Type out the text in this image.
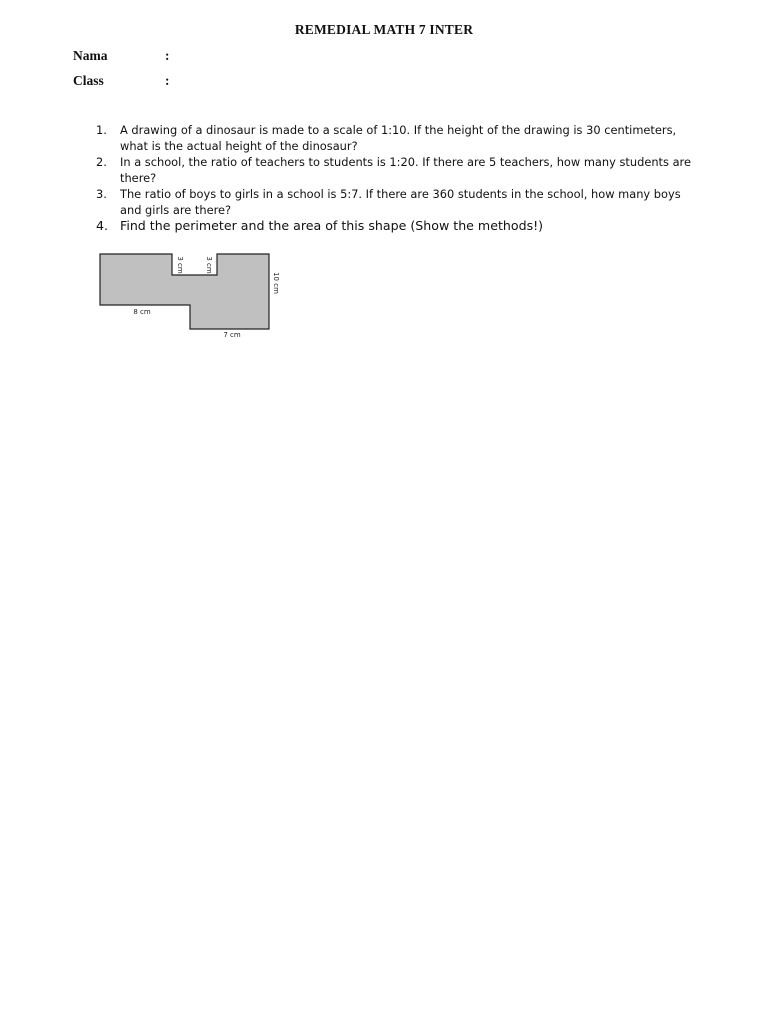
REMEDIAL MATH 7 INTER
Nama	:
Class	:
1. A drawing of a dinosaur is made to a scale of 1:10. If the height of the drawing is 30 centimeters,
what is the actual height of the dinosaur?
2. In a school, the ratio of teachers to students is 1:20. If there are 5 teachers, how many students are
there?
3. The ratio of boys to girls in a school is 5:7. If there are 360 students in the school, how many boys
and girls are there?
4. Find the perimeter and the area of this shape (Show the methods!)
3 cm	3 cm
10 cm
8 cm
7 cm
